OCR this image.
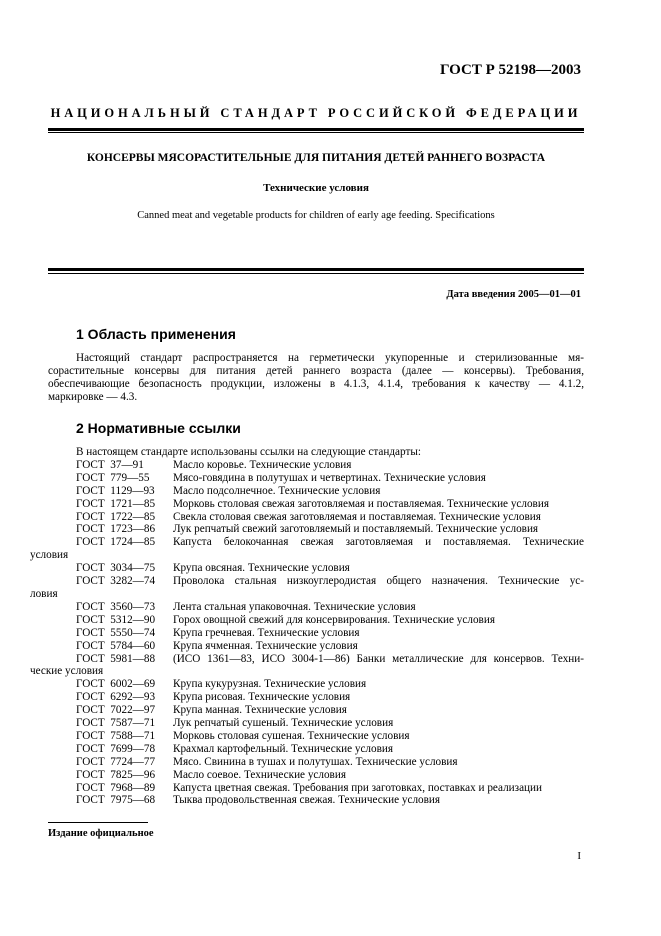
ГОСТ Р 52198—2003
НАЦИОНАЛЬНЫЙ СТАНДАРТ РОССИЙСКОЙ ФЕДЕРАЦИИ
КОНСЕРВЫ МЯСОРАСТИТЕЛЬНЫЕ ДЛЯ ПИТАНИЯ ДЕТЕЙ РАННЕГО ВОЗРАСТА
Технические условия
Canned meat and vegetable products for children of early age feeding. Specifications
Дата введения 2005—01—01
1 Область применения
Настоящий стандарт распространяется на герметически укупоренные и стерилизованные мя-
сорастительные консервы для питания детей раннего возраста (далее — консервы). Требования,
обеспечивающие безопасность продукции, изложены в 4.1.3, 4.1.4, требования к качеству — 4.1.2,
маркировке — 4.3.
2 Нормативные ссылки
В настоящем стандарте использованы ссылки на следующие стандарты:
ГОСТ  37—91	Масло коровье. Технические условия
ГОСТ  779—55	Мясо-говядина в полутушах и четвертинах. Технические условия
ГОСТ  1129—93	Масло подсолнечное. Технические условия
ГОСТ  1721—85	Морковь столовая свежая заготовляемая и поставляемая. Технические условия
ГОСТ  1722—85	Свекла столовая свежая заготовляемая и поставляемая. Технические условия
ГОСТ  1723—86	Лук репчатый свежий заготовляемый и поставляемый. Технические условия
ГОСТ  1724—85	Капуста белокочанная свежая заготовляемая и поставляемая. Технические
условия
ГОСТ  3034—75	Крупа овсяная. Технические условия
ГОСТ  3282—74	Проволока стальная низкоуглеродистая общего назначения. Технические ус-
ловия
ГОСТ  3560—73	Лента стальная упаковочная. Технические условия
ГОСТ  5312—90	Горох овощной свежий для консервирования. Технические условия
ГОСТ  5550—74	Крупа гречневая. Технические условия
ГОСТ  5784—60	Крупа ячменная. Технические условия
ГОСТ  5981—88	(ИСО 1361—83, ИСО 3004-1—86) Банки металлические для консервов. Техни-
ческие условия
ГОСТ  6002—69	Крупа кукурузная. Технические условия
ГОСТ  6292—93	Крупа рисовая. Технические условия
ГОСТ  7022—97	Крупа манная. Технические условия
ГОСТ  7587—71	Лук репчатый сушеный. Технические условия
ГОСТ  7588—71	Морковь столовая сушеная. Технические условия
ГОСТ  7699—78	Крахмал картофельный. Технические условия
ГОСТ  7724—77	Мясо. Свинина в тушах и полутушах. Технические условия
ГОСТ  7825—96	Масло соевое. Технические условия
ГОСТ  7968—89	Капуста цветная свежая. Требования при заготовках, поставках и реализации
ГОСТ  7975—68	Тыква продовольственная свежая. Технические условия
Издание официальное
I
